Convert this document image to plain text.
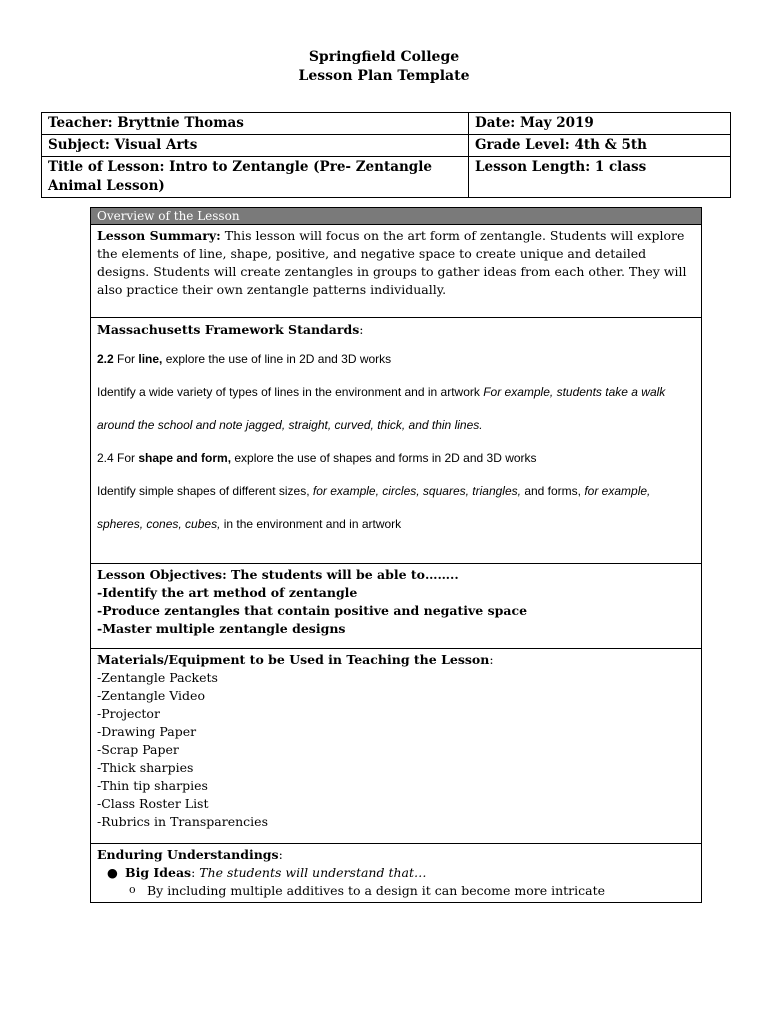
Springfield College
Lesson Plan Template
Teacher: Bryttnie Thomas	Date: May 2019
Subject: Visual Arts	Grade Level: 4th & 5th
Title of Lesson: Intro to Zentangle (Pre- Zentangle Animal Lesson)	Lesson Length: 1 class
Overview of the Lesson
Lesson Summary: This lesson will focus on the art form of zentangle. Students will explore the elements of line, shape, positive, and negative space to create unique and detailed designs. Students will create zentangles in groups to gather ideas from each other. They will also practice their own zentangle patterns individually.

Massachusetts Framework Standards:

2.2 For line, explore the use of line in 2D and 3D works

Identify a wide variety of types of lines in the environment and in artwork For example, students take a walk

around the school and note jagged, straight, curved, thick, and thin lines.

2.4 For shape and form, explore the use of shapes and forms in 2D and 3D works

Identify simple shapes of different sizes, for example, circles, squares, triangles, and forms, for example,

spheres, cones, cubes, in the environment and in artwork

Lesson Objectives: The students will be able to……..
-Identify the art method of zentangle
-Produce zentangles that contain positive and negative space
-Master multiple zentangle designs

Materials/Equipment to be Used in Teaching the Lesson:
-Zentangle Packets
-Zentangle Video
-Projector
-Drawing Paper
-Scrap Paper
-Thick sharpies
-Thin tip sharpies
-Class Roster List
-Rubrics in Transparencies

Enduring Understandings:
● Big Ideas: The students will understand that…
o By including multiple additives to a design it can become more intricate
